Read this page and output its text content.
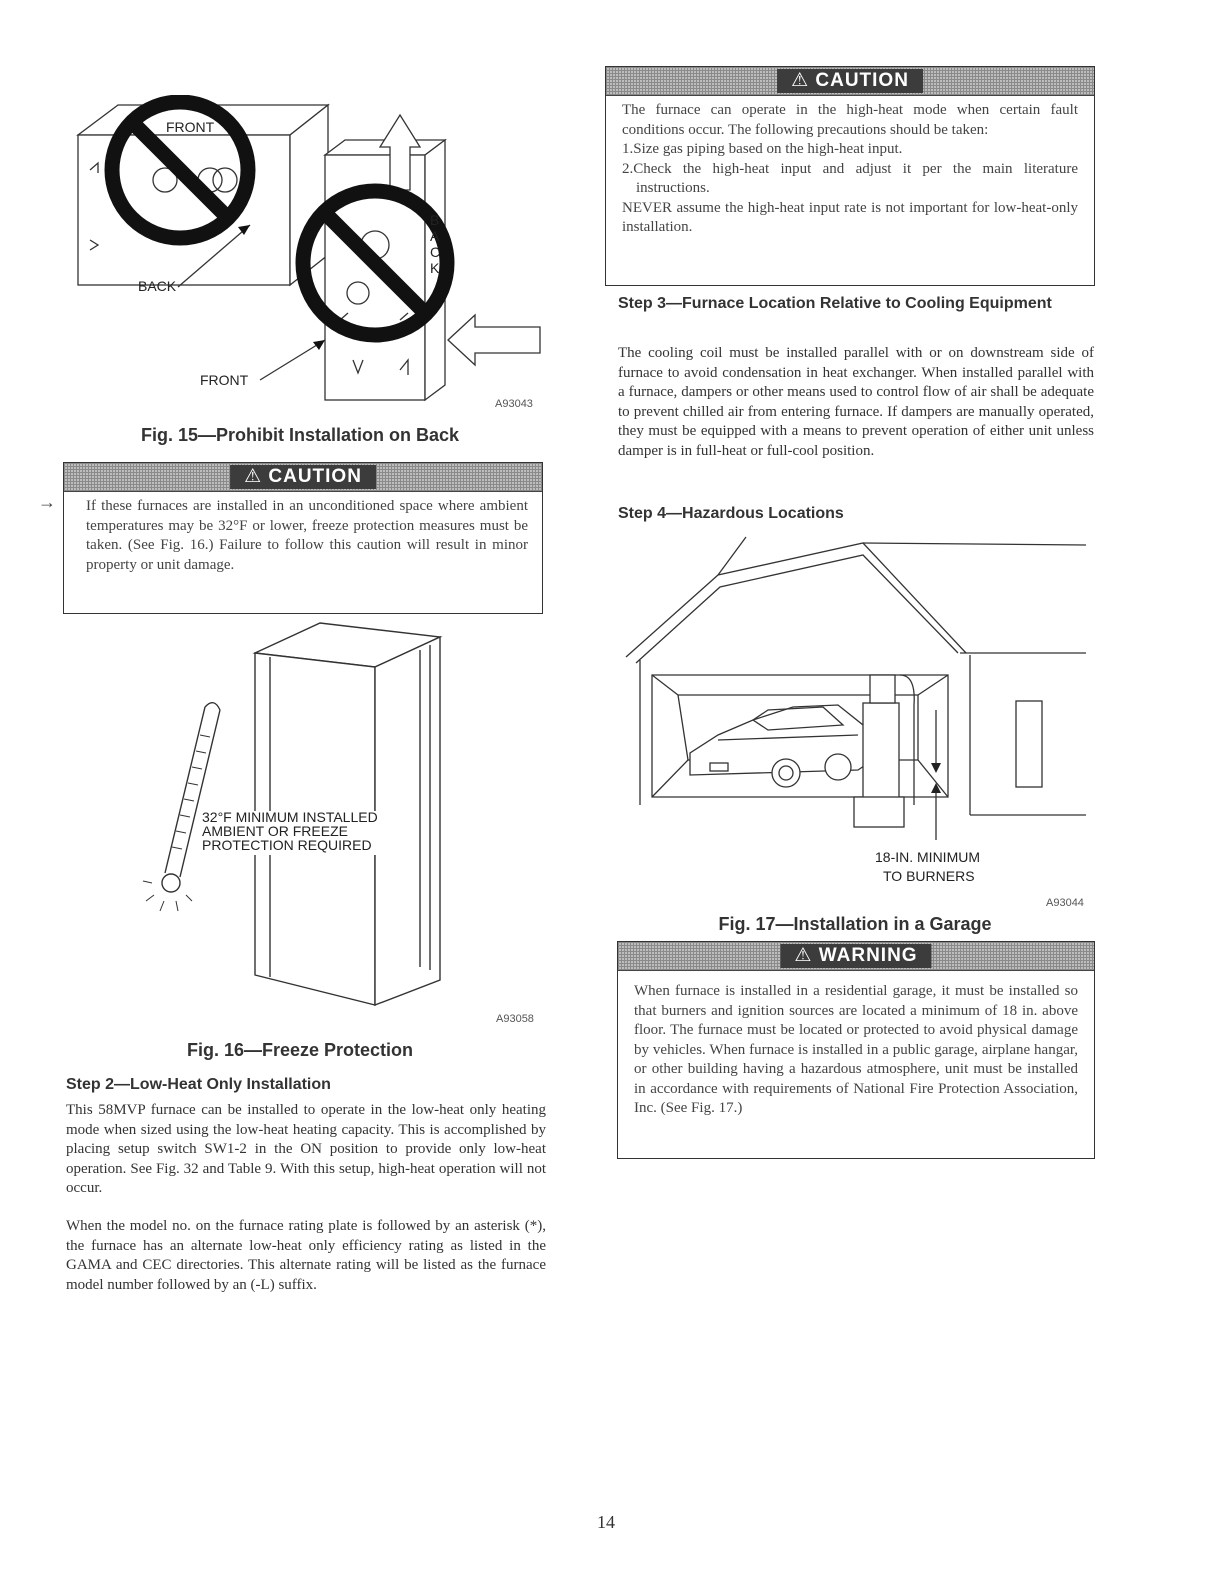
FRONT
BACK
FRONT
B
A
C
K
A93043
Fig. 15—Prohibit Installation on Back
→
⚠ CAUTION

If these furnaces are installed in an unconditioned space where ambient temperatures may be 32°F or lower, freeze protection measures must be taken. (See Fig. 16.) Failure to follow this caution will result in minor property or unit damage.

32°F MINIMUM INSTALLED
AMBIENT OR FREEZE
PROTECTION REQUIRED
A93058
Fig. 16—Freeze Protection
Step 2—Low-Heat Only Installation
This 58MVP furnace can be installed to operate in the low-heat only heating mode when sized using the low-heat heating capacity. This is accomplished by placing setup switch SW1-2 in the ON position to provide only low-heat operation. See Fig. 32 and Table 9. With this setup, high-heat operation will not occur.
When the model no. on the furnace rating plate is followed by an asterisk (*), the furnace has an alternate low-heat only efficiency rating as listed in the GAMA and CEC directories. This alternate rating will be listed as the furnace model number followed by an (-L) suffix.
⚠ CAUTION

The furnace can operate in the high-heat mode when certain fault conditions occur. The following precautions should be taken:

1.Size gas piping based on the high-heat input.

2.Check the high-heat input and adjust it per the main literature instructions.

NEVER assume the high-heat input rate is not important for low-heat-only installation.

Step 3—Furnace Location Relative to Cooling Equipment
The cooling coil must be installed parallel with or on downstream side of furnace to avoid condensation in heat exchanger. When installed parallel with a furnace, dampers or other means used to control flow of air shall be adequate to prevent chilled air from entering furnace. If dampers are manually operated, they must be equipped with a means to prevent operation of either unit unless damper is in full-heat or full-cool position.
Step 4—Hazardous Locations
18-IN. MINIMUM
TO BURNERS
A93044
Fig. 17—Installation in a Garage
⚠ WARNING

When furnace is installed in a residential garage, it must be installed so that burners and ignition sources are located a minimum of 18 in. above floor. The furnace must be located or protected to avoid physical damage by vehicles. When furnace is installed in a public garage, airplane hangar, or other building having a hazardous atmosphere, unit must be installed in accordance with requirements of National Fire Protection Association, Inc. (See Fig. 17.)

14
